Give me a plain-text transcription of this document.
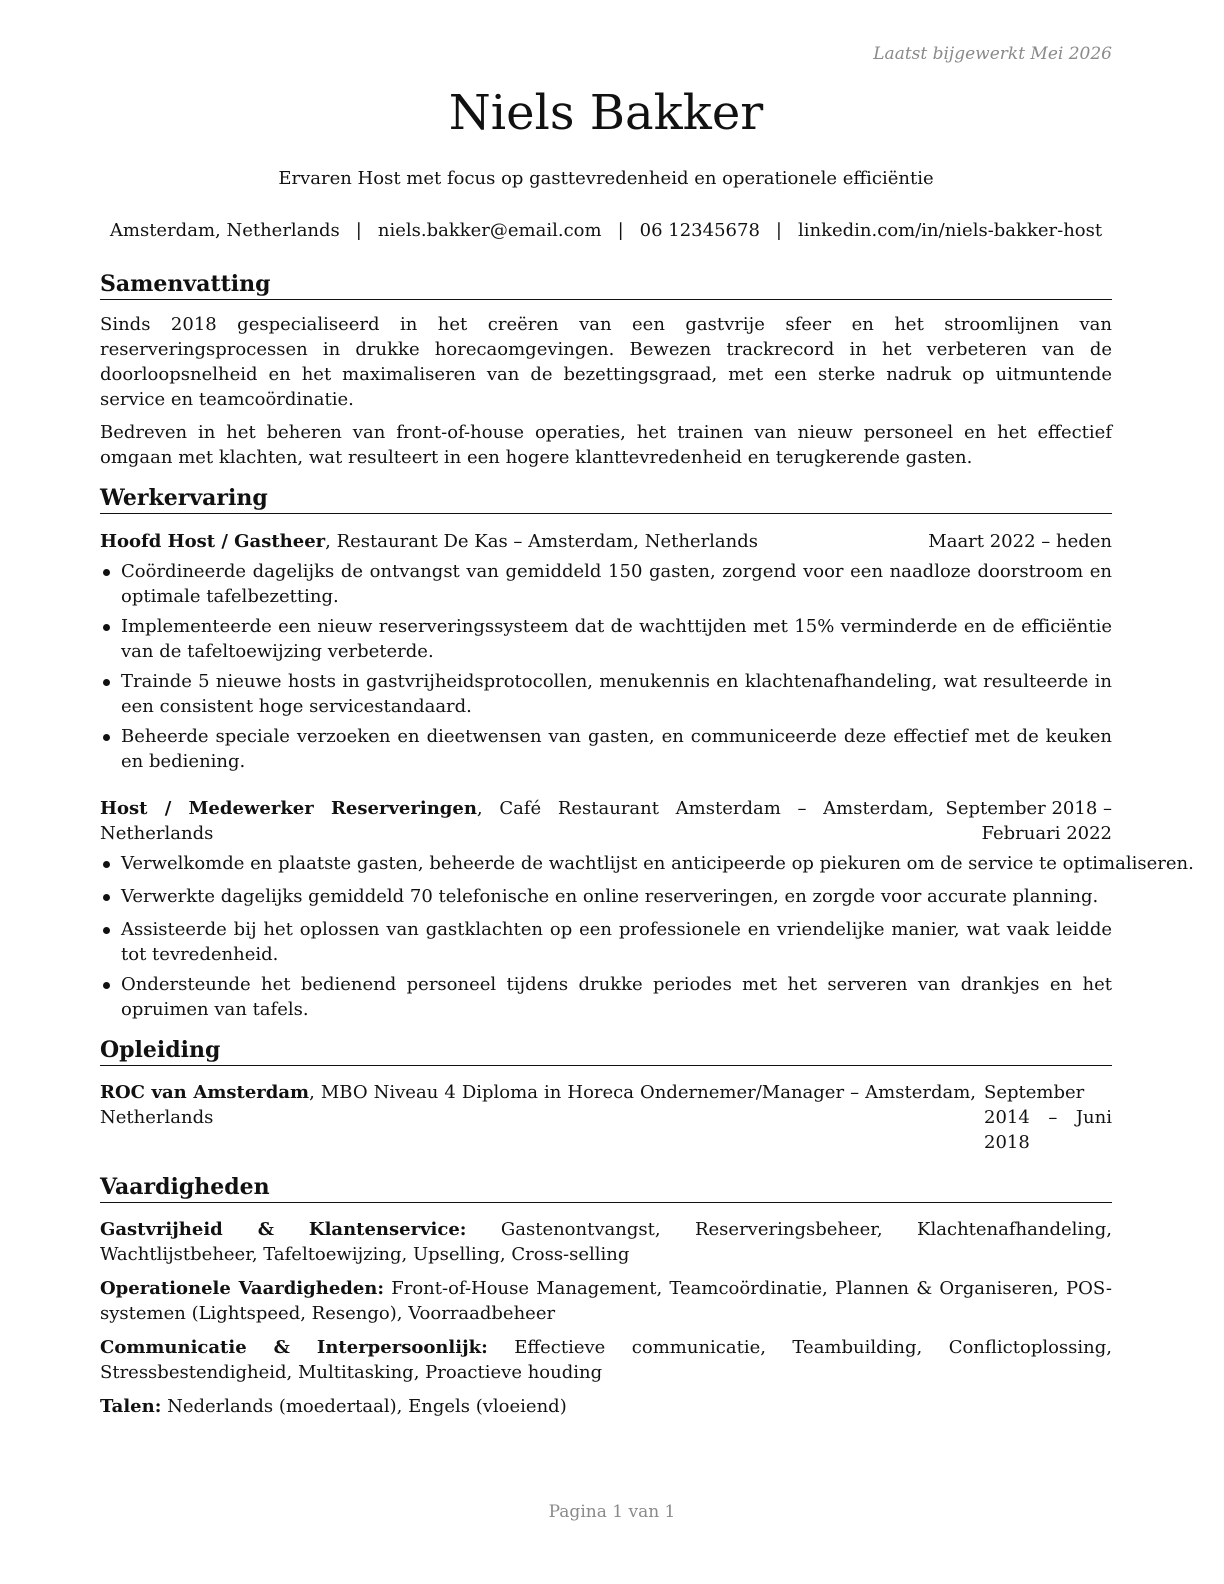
Laatst bijgewerkt Mei 2026
Niels Bakker
Ervaren Host met focus op gasttevredenheid en operationele efficiëntie
Amsterdam, Netherlands | niels.bakker@email.com | 06 12345678 | linkedin.com/in/niels-bakker-host
Samenvatting

Sinds 2018 gespecialiseerd in het creëren van een gastvrije sfeer en het stroomlijnen van reserveringsprocessen in drukke horecaomgevingen. Bewezen trackrecord in het verbeteren van de doorloopsnelheid en het maximaliseren van de bezettingsgraad, met een sterke nadruk op uitmuntende service en teamcoördinatie.

Bedreven in het beheren van front-of-house operaties, het trainen van nieuw personeel en het effectief omgaan met klachten, wat resulteert in een hogere klanttevredenheid en terugkerende gasten.

Werkervaring
Hoofd Host / Gastheer, Restaurant De Kas – Amsterdam, Netherlands	Maart 2022 – heden
Coördineerde dagelijks de ontvangst van gemiddeld 150 gasten, zorgend voor een naadloze doorstroom en optimale tafelbezetting.
Implementeerde een nieuw reserveringssysteem dat de wachttijden met 15% verminderde en de efficiëntie van de tafeltoewijzing verbeterde.
Trainde 5 nieuwe hosts in gastvrijheidsprotocollen, menukennis en klachtenafhandeling, wat resulteerde in een consistent hoge servicestandaard.
Beheerde speciale verzoeken en dieetwensen van gasten, en communiceerde deze effectief met de keuken en bediening.
Host / Medewerker Reserveringen, Café Restaurant Amsterdam – Amsterdam, Netherlands
September 2018 – Februari 2022
Verwelkomde en plaatste gasten, beheerde de wachtlijst en anticipeerde op piekuren om de service te optimaliseren.
Verwerkte dagelijks gemiddeld 70 telefonische en online reserveringen, en zorgde voor accurate planning.
Assisteerde bij het oplossen van gastklachten op een professionele en vriendelijke manier, wat vaak leidde tot tevredenheid.
Ondersteunde het bedienend personeel tijdens drukke periodes met het serveren van drankjes en het opruimen van tafels.
Opleiding
ROC van Amsterdam, MBO Niveau 4 Diploma in Horeca Ondernemer/Manager – Amsterdam, Netherlands
September 2014 – Juni 2018
Vaardigheden
Gastvrijheid & Klantenservice: Gastenontvangst, Reserveringsbeheer, Klachtenafhandeling, Wachtlijstbeheer, Tafeltoewijzing, Upselling, Cross-selling
Operationele Vaardigheden: Front-of-House Management, Teamcoördinatie, Plannen & Organiseren, POS-systemen (Lightspeed, Resengo), Voorraadbeheer
Communicatie & Interpersoonlijk: Effectieve communicatie, Teambuilding, Conflictoplossing, Stressbestendigheid, Multitasking, Proactieve houding
Talen: Nederlands (moedertaal), Engels (vloeiend)
Pagina 1 van 1
